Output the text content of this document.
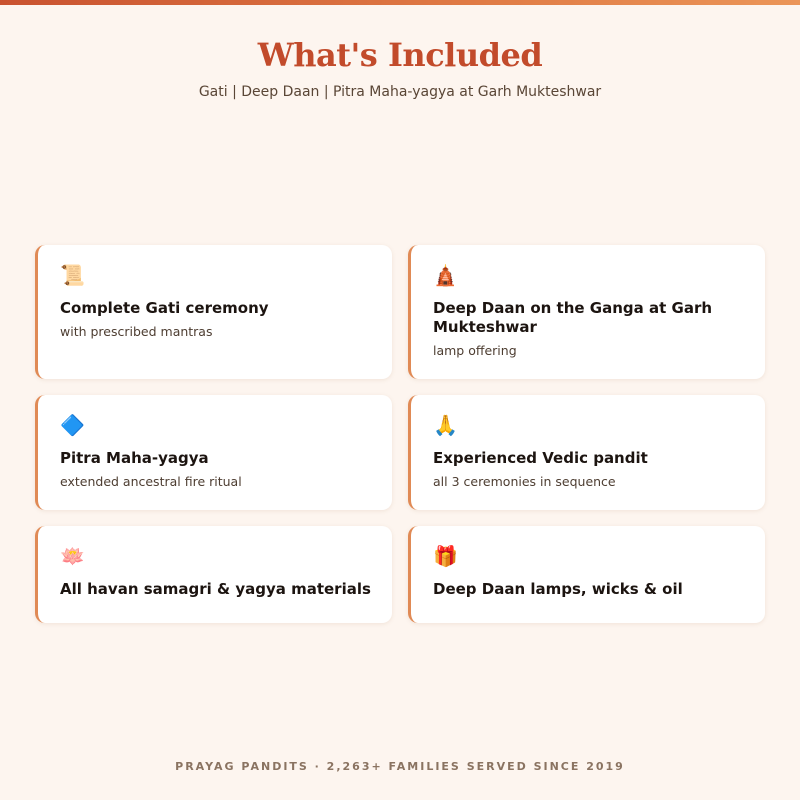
What's Included
Gati | Deep Daan | Pitra Maha-yagya at Garh Mukteshwar
📜
Complete Gati ceremony
with prescribed mantras
🛕
Deep Daan on the Ganga at Garh Mukteshwar
lamp offering
🔷
Pitra Maha-yagya
extended ancestral fire ritual
🙏
Experienced Vedic pandit
all 3 ceremonies in sequence
🪷
All havan samagri & yagya materials
🎁
Deep Daan lamps, wicks & oil
PRAYAG PANDITS · 2,263+ FAMILIES SERVED SINCE 2019
